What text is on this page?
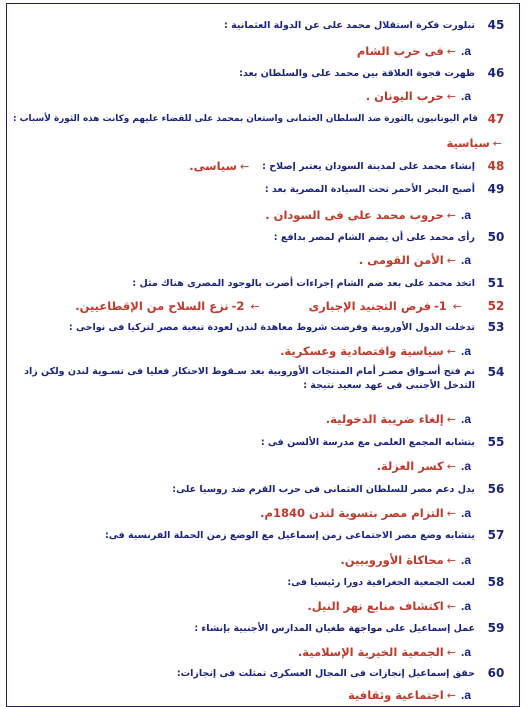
45
تبلورت فكرة استقلال محمد على عن الدولة العثمانية :
a.
←
فى حرب الشام
46
ظهرت فجوة العلاقة بين محمد على والسلطان بعد:
a.
←
حرب اليونان .
47
قام اليونانيون بالثورة ضد السلطان العثمانى واستعان بمحمد على للقضاء عليهم وكانت هذه الثورة لأسباب :
←
سياسية
48
إنشاء محمد على لمدينة السودان يعتبر إصلاح :
←
سياسى.
49
أصبح البحر الأحمر تحت السيادة المصرية بعد :
a.
←
حروب محمد على فى السودان .
50
رأى محمد على أن يضم الشام لمصر بدافع :
a.
←
الأمن القومى .
51
اتخذ محمد على بعد ضم الشام إجراءات أضرت بالوجود المصرى هناك مثل :
52
←
1-
فرض التجنيد الإجبارى
←
2-
نزع السلاح من الإقطاعيين.
53
تدخلت الدول الأوروبية وفرضت شروط معاهدة لندن لعودة تبعية مصر لتركيا فى نواحى :
a.
←
سياسية واقتصادية وعسكرية.
54
تم فتح أسـواق مصـر أمام المنتجات الأوروبية بعد سـقوط الاحتكار فعليا فى تسـوية لندن ولكن زاد التدخل الأجنبى فى عهد سعيد نتيجة :
a.
←
إلغاء ضريبة الدخولية.
55
يتشابه المجمع العلمى مع مدرسة الألسن فى :
a.
←
كسر العزلة.
56
يدل دعم مصر للسلطان العثمانى فى حرب القرم ضد روسيا على:
a.
←
التزام مصر بتسوية لندن 1840م.
57
يتشابه وضع مصر الاجتماعى زمن إسماعيل مع الوضع زمن الحملة الفرنسية فى:
a.
←
محاكاة الأوروبيين.
58
لعبت الجمعية الجغرافية دورا رئيسيا فى:
a.
←
اكتشاف منابع نهر النيل.
59
عمل إسماعيل على مواجهة طغيان المدارس الأجنبية بإنشاء :
a.
←
الجمعية الخيرية الإسلامية.
60
حقق إسماعيل إنجازات فى المجال العسكرى تمثلت فى إنجازات:
a.
←
اجتماعية وثقافية
